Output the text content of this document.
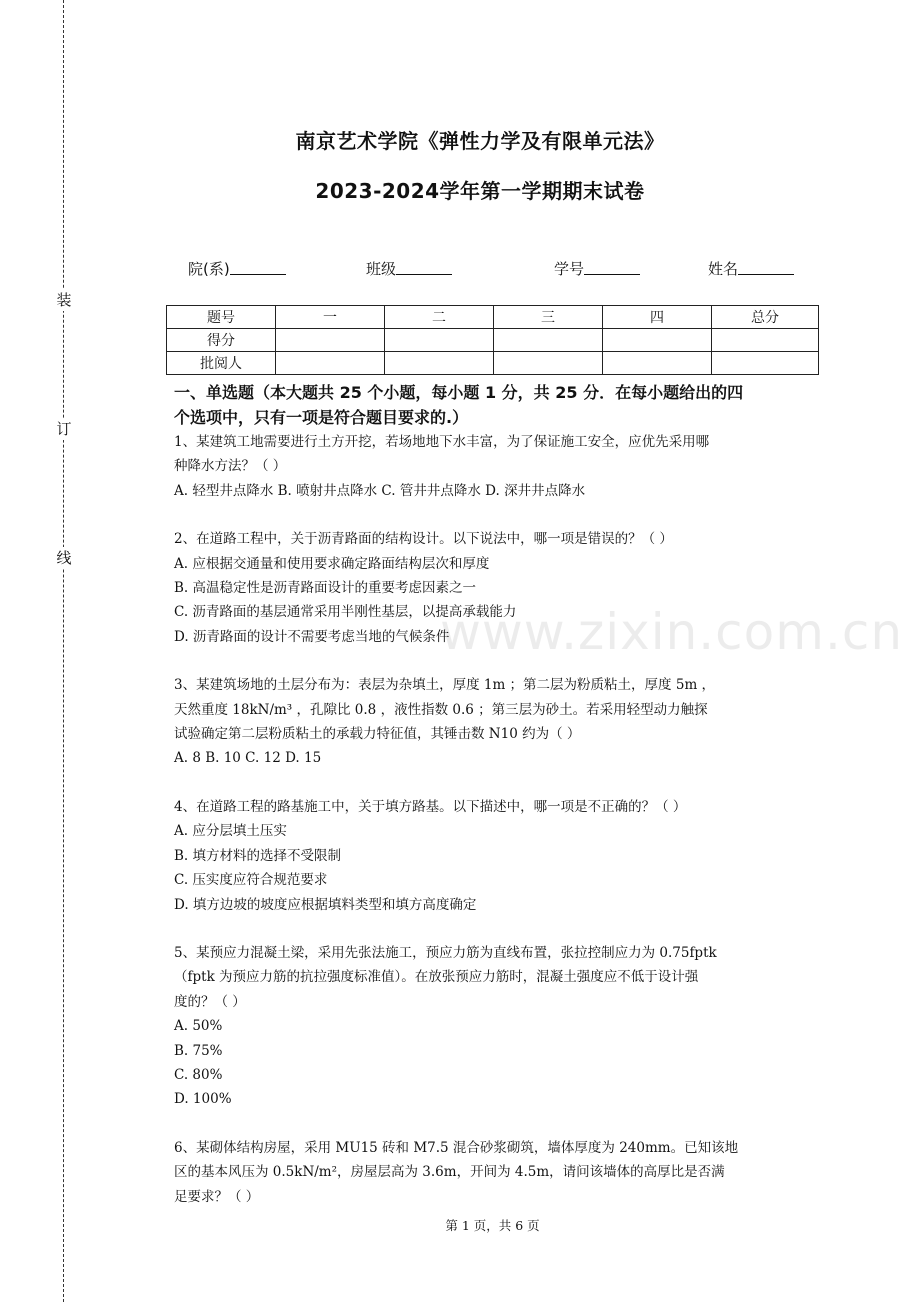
装
订
线
www.zixin.com.cn
南京艺术学院《弹性力学及有限单元法》
2023-2024学年第一学期期末试卷
院(系)	班级	学号	姓名
题号	一	二	三	四	总分
得分					
批阅人					

一、单选题（本大题共 25 个小题，每小题 1 分，共 25 分．在每小题给出的四

个选项中，只有一项是符合题目要求的.）

1、某建筑工地需要进行土方开挖，若场地地下水丰富，为了保证施工安全，应优先采用哪

种降水方法？（ ）

A. 轻型井点降水 B. 喷射井点降水 C. 管井井点降水 D. 深井井点降水

2、在道路工程中，关于沥青路面的结构设计。以下说法中，哪一项是错误的？（ ）

A. 应根据交通量和使用要求确定路面结构层次和厚度

B. 高温稳定性是沥青路面设计的重要考虑因素之一

C. 沥青路面的基层通常采用半刚性基层，以提高承载能力

D. 沥青路面的设计不需要考虑当地的气候条件

3、某建筑场地的土层分布为：表层为杂填土，厚度 1m ；第二层为粉质粘土，厚度 5m ，

天然重度 18kN/m³ ，孔隙比 0.8 ，液性指数 0.6 ；第三层为砂土。若采用轻型动力触探

试验确定第二层粉质粘土的承载力特征值，其锤击数 N10 约为（ ）

A. 8 B. 10 C. 12 D. 15

4、在道路工程的路基施工中，关于填方路基。以下描述中，哪一项是不正确的？（ ）

A. 应分层填土压实

B. 填方材料的选择不受限制

C. 压实度应符合规范要求

D. 填方边坡的坡度应根据填料类型和填方高度确定

5、某预应力混凝土梁，采用先张法施工，预应力筋为直线布置，张拉控制应力为 0.75fptk

（fptk 为预应力筋的抗拉强度标准值）。在放张预应力筋时，混凝土强度应不低于设计强

度的？（ ）

A. 50%

B. 75%

C. 80%

D. 100%

6、某砌体结构房屋，采用 MU15 砖和 M7.5 混合砂浆砌筑，墙体厚度为 240mm。已知该地

区的基本风压为 0.5kN/m²，房屋层高为 3.6m，开间为 4.5m，请问该墙体的高厚比是否满

足要求？（ ）

第 1 页，共 6 页
